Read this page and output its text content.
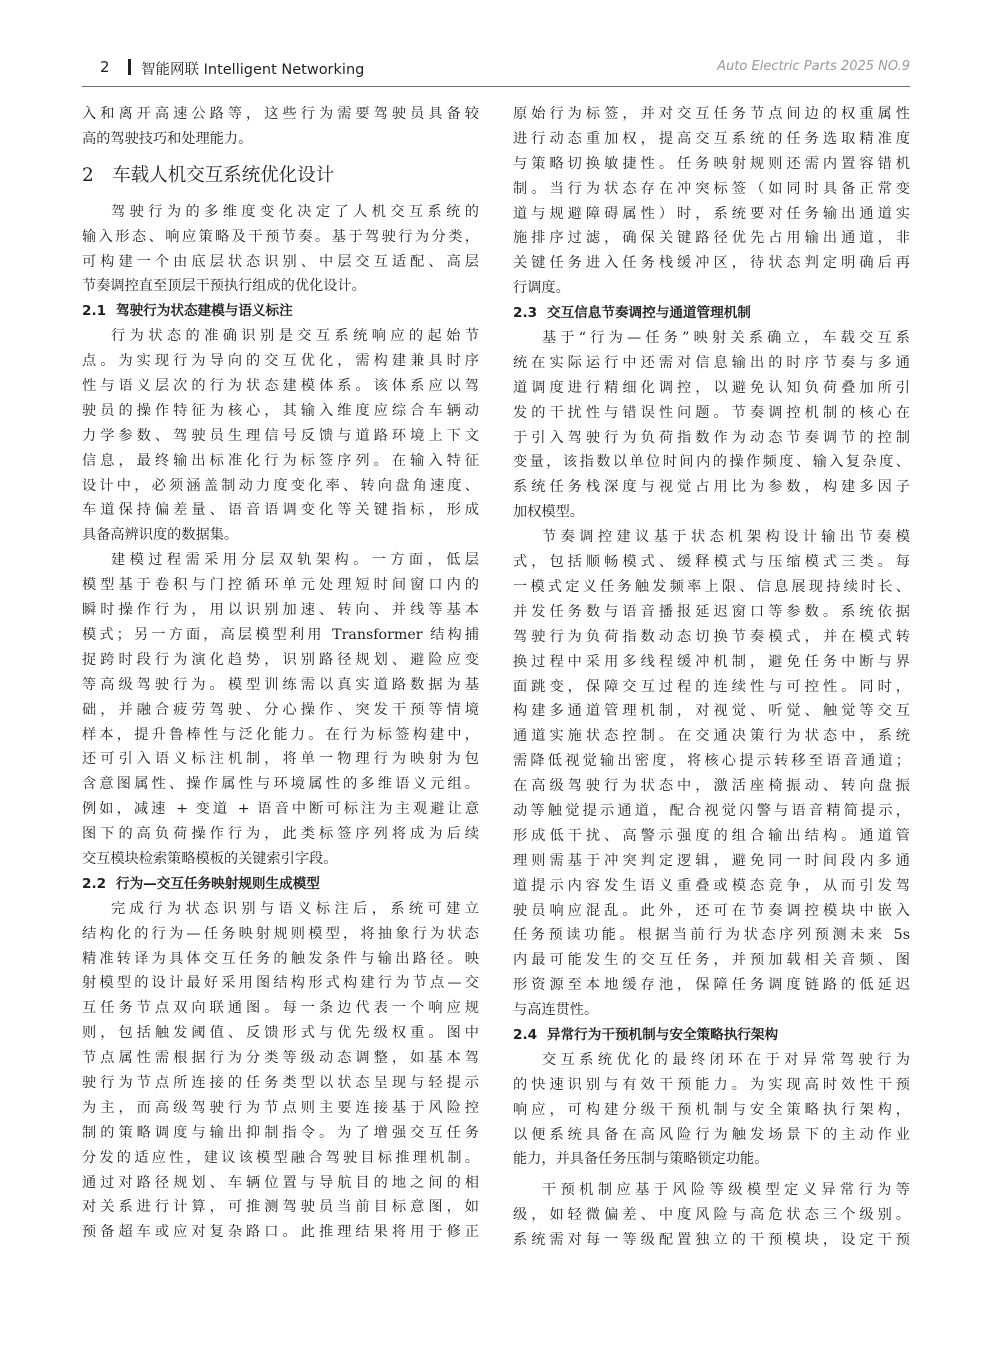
2 智能网联 Intelligent Networking	Auto Electric Parts 2025 NO.9

入和离开高速公路等，这些行为需要驾驶员具备较
高的驾驶技巧和处理能力。

2　车载人机交互系统优化设计

驾驶行为的多维度变化决定了人机交互系统的
输入形态、响应策略及干预节奏。基于驾驶行为分类，
可构建一个由底层状态识别、中层交互适配、高层
节奏调控直至顶层干预执行组成的优化设计。

2.1 驾驶行为状态建模与语义标注

行为状态的准确识别是交互系统响应的起始节
点。为实现行为导向的交互优化，需构建兼具时序
性与语义层次的行为状态建模体系。该体系应以驾
驶员的操作特征为核心，其输入维度应综合车辆动
力学参数、驾驶员生理信号反馈与道路环境上下文
信息，最终输出标准化行为标签序列。在输入特征
设计中，必须涵盖制动力度变化率、转向盘角速度、
车道保持偏差量、语音语调变化等关键指标，形成
具备高辨识度的数据集。

建模过程需采用分层双轨架构。一方面，低层
模型基于卷积与门控循环单元处理短时间窗口内的
瞬时操作行为，用以识别加速、转向、并线等基本
模式；另一方面，高层模型利用 Transformer 结构捕
捉跨时段行为演化趋势，识别路径规划、避险应变
等高级驾驶行为。模型训练需以真实道路数据为基
础，并融合疲劳驾驶、分心操作、突发干预等情境
样本，提升鲁棒性与泛化能力。在行为标签构建中，
还可引入语义标注机制，将单一物理行为映射为包
含意图属性、操作属性与环境属性的多维语义元组。
例如，减速 + 变道 + 语音中断可标注为主观避让意
图下的高负荷操作行为，此类标签序列将成为后续
交互模块检索策略模板的关键索引字段。

2.2 行为—交互任务映射规则生成模型

完成行为状态识别与语义标注后，系统可建立
结构化的行为—任务映射规则模型，将抽象行为状态
精准转译为具体交互任务的触发条件与输出路径。映
射模型的设计最好采用图结构形式构建行为节点—交
互任务节点双向联通图。每一条边代表一个响应规
则，包括触发阈值、反馈形式与优先级权重。图中
节点属性需根据行为分类等级动态调整，如基本驾
驶行为节点所连接的任务类型以状态呈现与轻提示
为主，而高级驾驶行为节点则主要连接基于风险控
制的策略调度与输出抑制指令。为了增强交互任务
分发的适应性，建议该模型融合驾驶目标推理机制。
通过对路径规划、车辆位置与导航目的地之间的相
对关系进行计算，可推测驾驶员当前目标意图，如
预备超车或应对复杂路口。此推理结果将用于修正

原始行为标签，并对交互任务节点间边的权重属性
进行动态重加权，提高交互系统的任务选取精准度
与策略切换敏捷性。任务映射规则还需内置容错机
制。当行为状态存在冲突标签（如同时具备正常变
道与规避障碍属性）时，系统要对任务输出通道实
施排序过滤，确保关键路径优先占用输出通道，非
关键任务进入任务栈缓冲区，待状态判定明确后再
行调度。

2.3 交互信息节奏调控与通道管理机制

基于“行为—任务”映射关系确立，车载交互系
统在实际运行中还需对信息输出的时序节奏与多通
道调度进行精细化调控，以避免认知负荷叠加所引
发的干扰性与错误性问题。节奏调控机制的核心在
于引入驾驶行为负荷指数作为动态节奏调节的控制
变量，该指数以单位时间内的操作频度、输入复杂度、
系统任务栈深度与视觉占用比为参数，构建多因子
加权模型。

节奏调控建议基于状态机架构设计输出节奏模
式，包括顺畅模式、缓释模式与压缩模式三类。每
一模式定义任务触发频率上限、信息展现持续时长、
并发任务数与语音播报延迟窗口等参数。系统依据
驾驶行为负荷指数动态切换节奏模式，并在模式转
换过程中采用多线程缓冲机制，避免任务中断与界
面跳变，保障交互过程的连续性与可控性。同时，
构建多通道管理机制，对视觉、听觉、触觉等交互
通道实施状态控制。在交通决策行为状态中，系统
需降低视觉输出密度，将核心提示转移至语音通道；
在高级驾驶行为状态中，激活座椅振动、转向盘振
动等触觉提示通道，配合视觉闪警与语音精简提示，
形成低干扰、高警示强度的组合输出结构。通道管
理则需基于冲突判定逻辑，避免同一时间段内多通
道提示内容发生语义重叠或模态竞争，从而引发驾
驶员响应混乱。此外，还可在节奏调控模块中嵌入
任务预读功能。根据当前行为状态序列预测未来 5s
内最可能发生的交互任务，并预加载相关音频、图
形资源至本地缓存池，保障任务调度链路的低延迟
与高连贯性。

2.4 异常行为干预机制与安全策略执行架构

交互系统优化的最终闭环在于对异常驾驶行为
的快速识别与有效干预能力。为实现高时效性干预
响应，可构建分级干预机制与安全策略执行架构，
以便系统具备在高风险行为触发场景下的主动作业
能力，并具备任务压制与策略锁定功能。

干预机制应基于风险等级模型定义异常行为等
级，如轻微偏差、中度风险与高危状态三个级别。
系统需对每一等级配置独立的干预模块，设定干预
